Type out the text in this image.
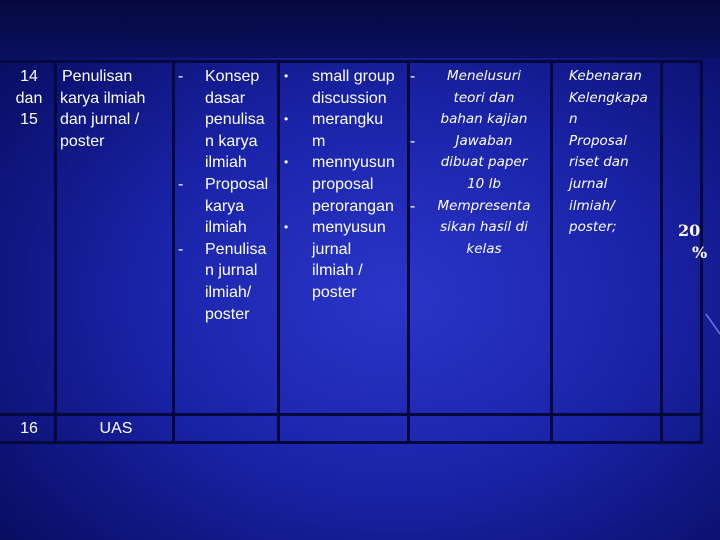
14
dan
15
Penulisan
karya ilmiah
dan jurnal /
poster
-
-
-
Konsep
dasar
penulisa
n karya
ilmiah
Proposal
karya
ilmiah
Penulisa
n jurnal
ilmiah/
poster
•
•
•
•
small group
discussion
merangku
m
mennyusun
proposal
perorangan
menyusun
jurnal
ilmiah /
poster
-
-
-
Menelusuri
teori dan
bahan kajian
Jawaban
dibuat paper
10 lb
Mempresenta
sikan hasil di
kelas
Kebenaran
Kelengkapa
n
Proposal
riset dan
jurnal
ilmiah/
poster;	20
%
16	UAS
